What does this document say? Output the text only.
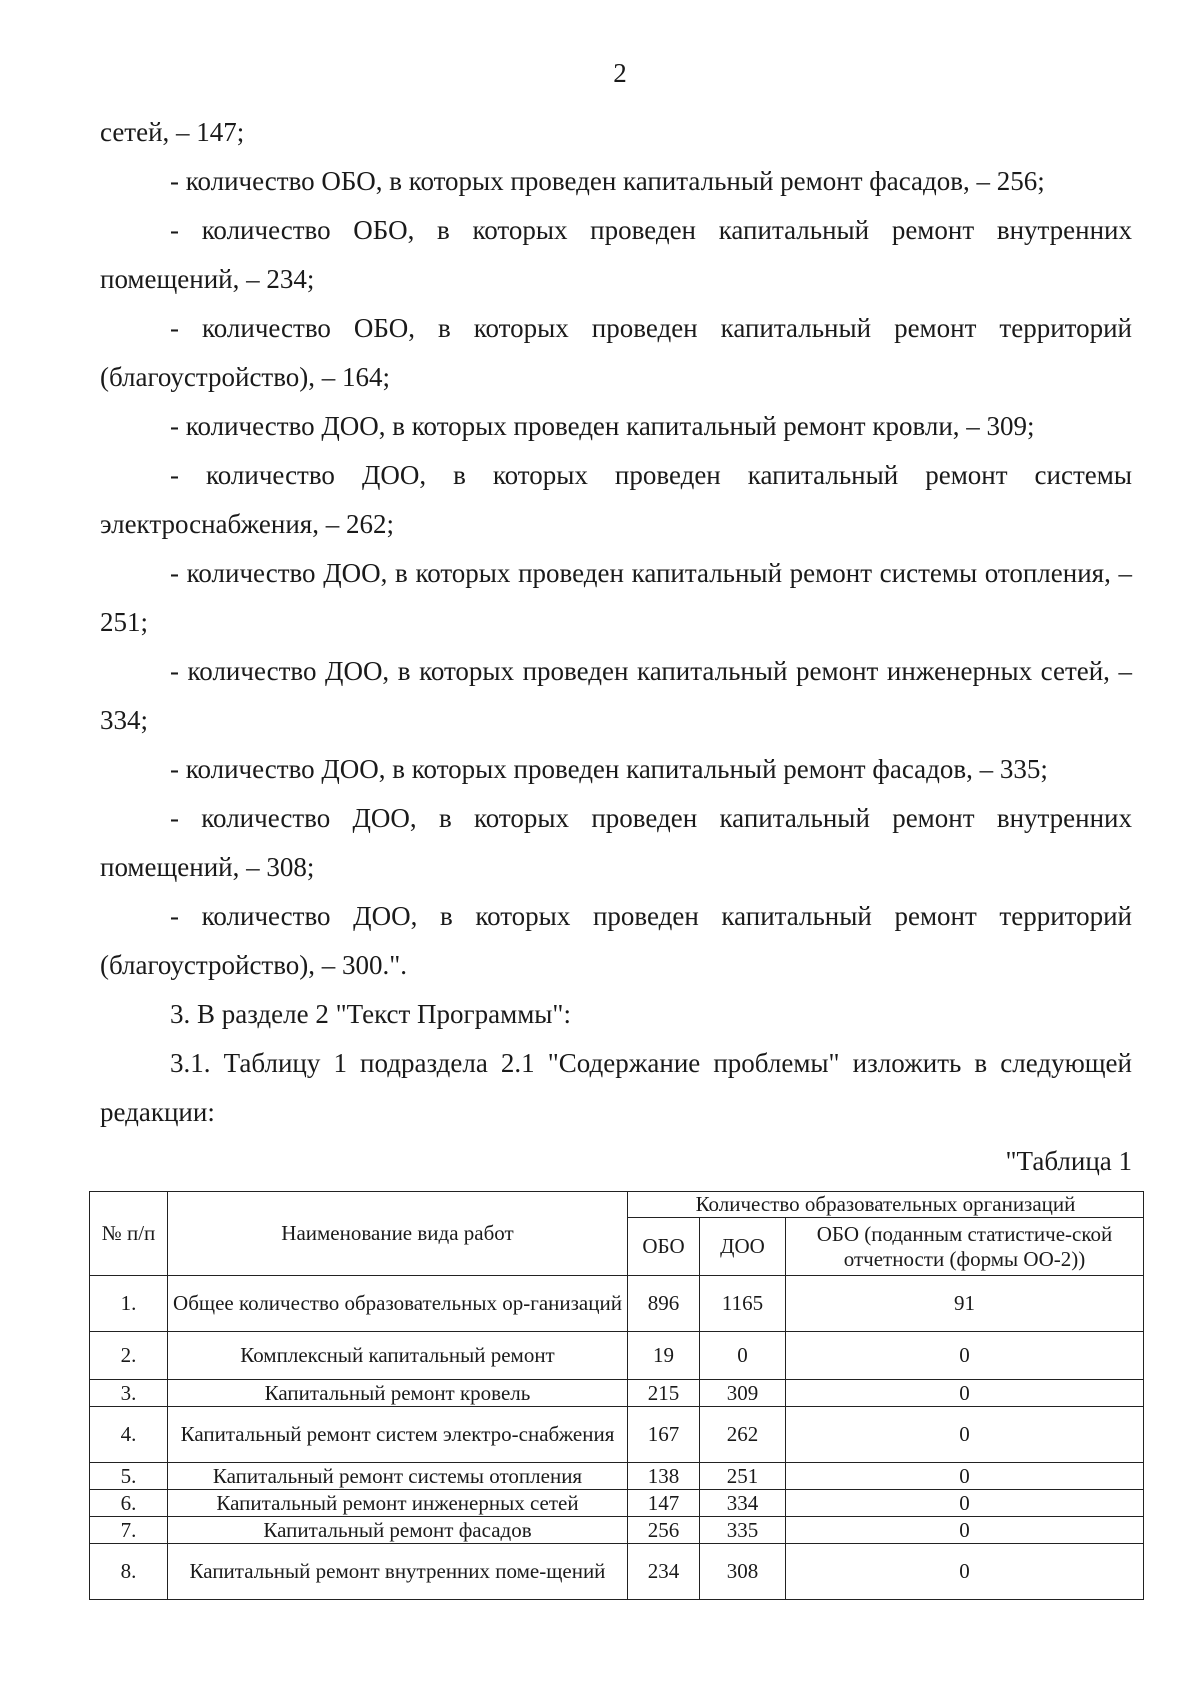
2

сетей, – 147;

- количество ОБО, в которых проведен капитальный ремонт фасадов, – 256;

- количество ОБО, в которых проведен капитальный ремонт внутренних помещений, – 234;

- количество ОБО, в которых проведен капитальный ремонт территорий (благоустройство), – 164;

- количество ДОО, в которых проведен капитальный ремонт кровли, – 309;

- количество ДОО, в которых проведен капитальный ремонт системы электроснабжения, – 262;

- количество ДОО, в которых проведен капитальный ремонт системы отопления, – 251;

- количество ДОО, в которых проведен капитальный ремонт инженерных сетей, – 334;

- количество ДОО, в которых проведен капитальный ремонт фасадов, – 335;

- количество ДОО, в которых проведен капитальный ремонт внутренних помещений, – 308;

- количество ДОО, в которых проведен капитальный ремонт территорий (благоустройство), – 300.".

3. В разделе 2 "Текст Программы":

3.1. Таблицу 1 подраздела 2.1 "Содержание проблемы" изложить в следующей редакции:

"Таблица 1

№ п/п	Наименование вида работ	Количество образовательных организаций		
		ОБО	ДОО	ОБО (поданным статистиче-ской отчетности (формы ОО-2))
1.	Общее количество образовательных ор-ганизаций	896	1165	91
2.	Комплексный капитальный ремонт	19	0	0
3.	Капитальный ремонт кровель	215	309	0
4.	Капитальный ремонт систем электро-снабжения	167	262	0
5.	Капитальный ремонт системы отопления	138	251	0
6.	Капитальный ремонт инженерных сетей	147	334	0
7.	Капитальный ремонт фасадов	256	335	0
8.	Капитальный ремонт внутренних поме-щений	234	308	0
